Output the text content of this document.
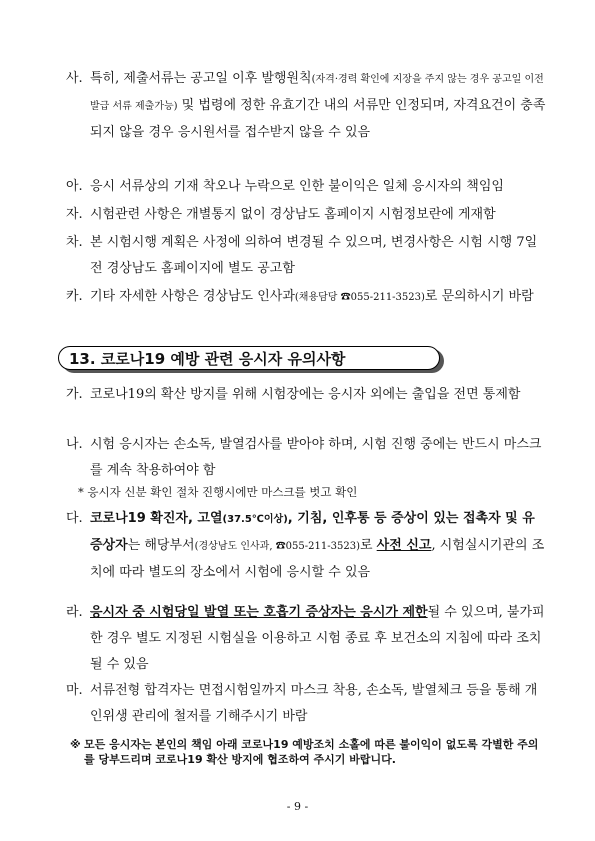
사. 특히, 제출서류는 공고일 이후 발행원칙(자격·경력 확인에 지장을 주지 않는 경우 공고일 이전 발급 서류 제출가능) 및 법령에 정한 유효기간 내의 서류만 인정되며, 자격요건이 충족되지 않을 경우 응시원서를 접수받지 않을 수 있음
아. 응시 서류상의 기재 착오나 누락으로 인한 불이익은 일체 응시자의 책임임
자. 시험관련 사항은 개별통지 없이 경상남도 홈페이지 시험정보란에 게재함
차. 본 시험시행 계획은 사정에 의하여 변경될 수 있으며, 변경사항은 시험 시행 7일 전 경상남도 홈페이지에 별도 공고함
카. 기타 자세한 사항은 경상남도 인사과(채용담당 ☎055-211-3523)로 문의하시기 바람
13. 코로나19 예방 관련 응시자 유의사항
가. 코로나19의 확산 방지를 위해 시험장에는 응시자 외에는 출입을 전면 통제함
나. 시험 응시자는 손소독, 발열검사를 받아야 하며, 시험 진행 중에는 반드시 마스크를 계속 착용하여야 함
* 응시자 신분 확인 절차 진행시에만 마스크를 벗고 확인
다. 코로나19 확진자, 고열(37.5℃이상), 기침, 인후통 등 증상이 있는 접촉자 및 유증상자는 해당부서(경상남도 인사과, ☎055-211-3523)로 사전 신고, 시험실시기관의 조치에 따라 별도의 장소에서 시험에 응시할 수 있음
라. 응시자 중 시험당일 발열 또는 호흡기 증상자는 응시가 제한될 수 있으며, 불가피한 경우 별도 지정된 시험실을 이용하고 시험 종료 후 보건소의 지침에 따라 조치 될 수 있음
마. 서류전형 합격자는 면접시험일까지 마스크 착용, 손소독, 발열체크 등을 통해 개인위생 관리에 철저를 기해주시기 바람
※ 모든 응시자는 본인의 책임 아래 코로나19 예방조치 소홀에 따른 불이익이 없도록 각별한 주의를 당부드리며 코로나19 확산 방지에 협조하여 주시기 바랍니다.
- 9 -
